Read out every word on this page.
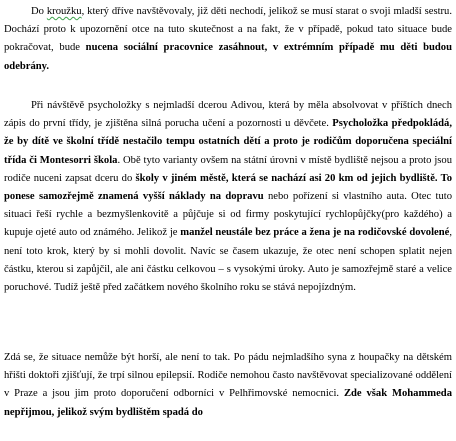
Do kroužku, který dříve navštěvovaly, již děti nechodí, jelikož se musí starat o svoji mladší sestru. Dochází proto k upozornění otce na tuto skutečnost a na fakt, že v případě, pokud tato situace bude pokračovat, bude nucena sociální pracovnice zasáhnout, v extrémním případě mu děti budou odebrány.

Při návštěvě psycholožky s nejmladší dcerou Adivou, která by měla absolvovat v příštích dnech zápis do první třídy, je zjištěna silná porucha učení a pozornosti u děvčete. Psycholožka předpokládá, že by dítě ve školní třídě nestačilo tempu ostatních dětí a proto je rodičům doporučena speciální třída či Montesorri škola. Obě tyto varianty ovšem na státní úrovni v místě bydliště nejsou a proto jsou rodiče nuceni zapsat dceru do školy v jiném městě, která se nachází asi 20 km od jejich bydliště. To ponese samozřejmě znamená vyšší náklady na dopravu nebo pořízení si vlastního auta. Otec tuto situaci řeší rychle a bezmyšlenkovitě a půjčuje si od firmy poskytující rychlopůjčky(pro každého) a kupuje ojeté auto od známého. Jelikož je manžel neustále bez práce a žena je na rodičovské dovolené, není toto krok, který by si mohli dovolit. Navíc se časem ukazuje, že otec není schopen splatit nejen částku, kterou si zapůjčil, ale ani částku celkovou – s vysokými úroky. Auto je samozřejmě staré a velice poruchové. Tudíž ještě před začátkem nového školního roku se stává nepojízdným.

Zdá se, že situace nemůže být horší, ale není to tak. Po pádu nejmladšího syna z houpačky na dětském hřišti doktoři zjišťují, že trpí silnou epilepsií. Rodiče nemohou často navštěvovat specializované oddělení v Praze a jsou jim proto doporučení odborníci v Pelhřimovské nemocnici. Zde však Mohammeda nepřijmou, jelikož svým bydlištěm spadá do
